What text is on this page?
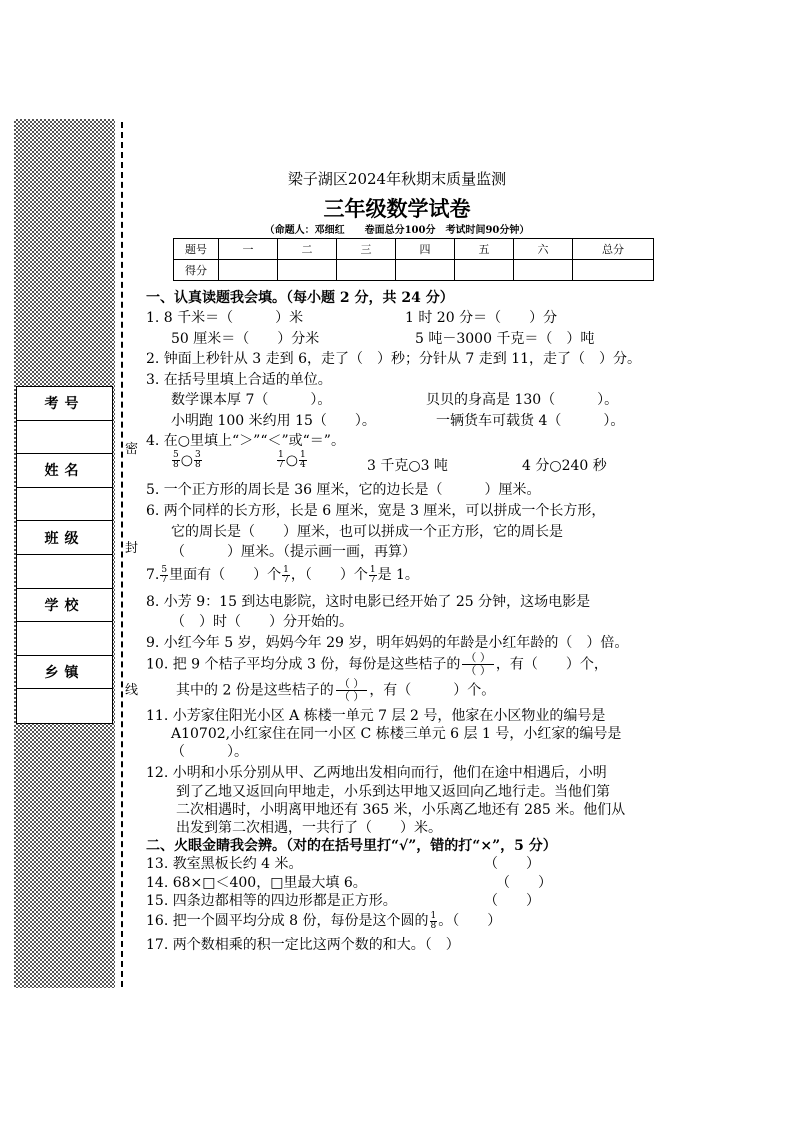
考号
姓名
班级
学校
乡镇
密
封
线
梁子湖区2024年秋期末质量监测
三年级数学试卷
（命题人：邓细红　　卷面总分100分　考试时间90分钟）
题号	一	二	三	四	五	六	总分
得分							
一、认真读题我会填。（每小题 2 分，共 24 分）
1. 8 千米＝（　　　）米	1 时 20 分＝（　　）分
50 厘米＝（　　）分米	5 吨－3000 千克＝（　）吨
2. 钟面上秒针从 3 走到 6，走了（　）秒；分针从 7 走到 11，走了（　）分。
3. 在括号里填上合适的单位。
数学课本厚 7（　　　）。	贝贝的身高是 130（　　　）。
小明跑 100 米约用 15（　　）。	一辆货车可载货 4（　　　）。
4. 在○里填上“＞”“＜”或“＝”。
$\frac{5}{8}$ ○ $\frac{3}{8}$	$\frac{1}{7}$ ○ $\frac{1}{4}$	3 千克○3 吨	4 分○240 秒
5. 一个正方形的周长是 36 厘米，它的边长是（　　　）厘米。
6. 两个同样的长方形，长是 6 厘米，宽是 3 厘米，可以拼成一个长方形，
它的周长是（　　）厘米，也可以拼成一个正方形，它的周长是
（　　　）厘米。（提示画一画，再算）
7. $\frac{5}{7}$ 里面有（　　）个 $\frac{1}{7}$ ，（　　）个 $\frac{1}{7}$ 是 1。
8. 小芳 9：15 到达电影院，这时电影已经开始了 25 分钟，这场电影是
（　）时（　　）分开始的。
9. 小红今年 5 岁，妈妈今年 29 岁，明年妈妈的年龄是小红年龄的（　）倍。
10. 把 9 个桔子平均分成 3 份，每份是这些桔子的 （ ）
（ ） ，有（　　）个，
其中的 2 份是这些桔子的 （ ）
（ ） ，有（　　　）个。
11. 小芳家住阳光小区 A 栋楼一单元 7 层 2 号，他家在小区物业的编号是
A10702,小红家住在同一小区 C 栋楼三单元 6 层 1 号，小红家的编号是
（　　　）。
12. 小明和小乐分别从甲、乙两地出发相向而行，他们在途中相遇后，小明
到了乙地又返回向甲地走，小乐到达甲地又返回向乙地行走。当他们第
二次相遇时，小明离甲地还有 365 米，小乐离乙地还有 285 米。他们从
出发到第二次相遇，一共行了（　　）米。
二、火眼金睛我会辨。（对的在括号里打“√”，错的打“×”，5 分）
13. 教室黑板长约 4 米。	（　　）
14. 68×□＜400，□里最大填 6。	（　　）
15. 四条边都相等的四边形都是正方形。	（　　）
16. 把一个圆平均分成 8 份，每份是这个圆的 $\frac{1}{8}$ 。（　　）
17. 两个数相乘的积一定比这两个数的和大。（　）
